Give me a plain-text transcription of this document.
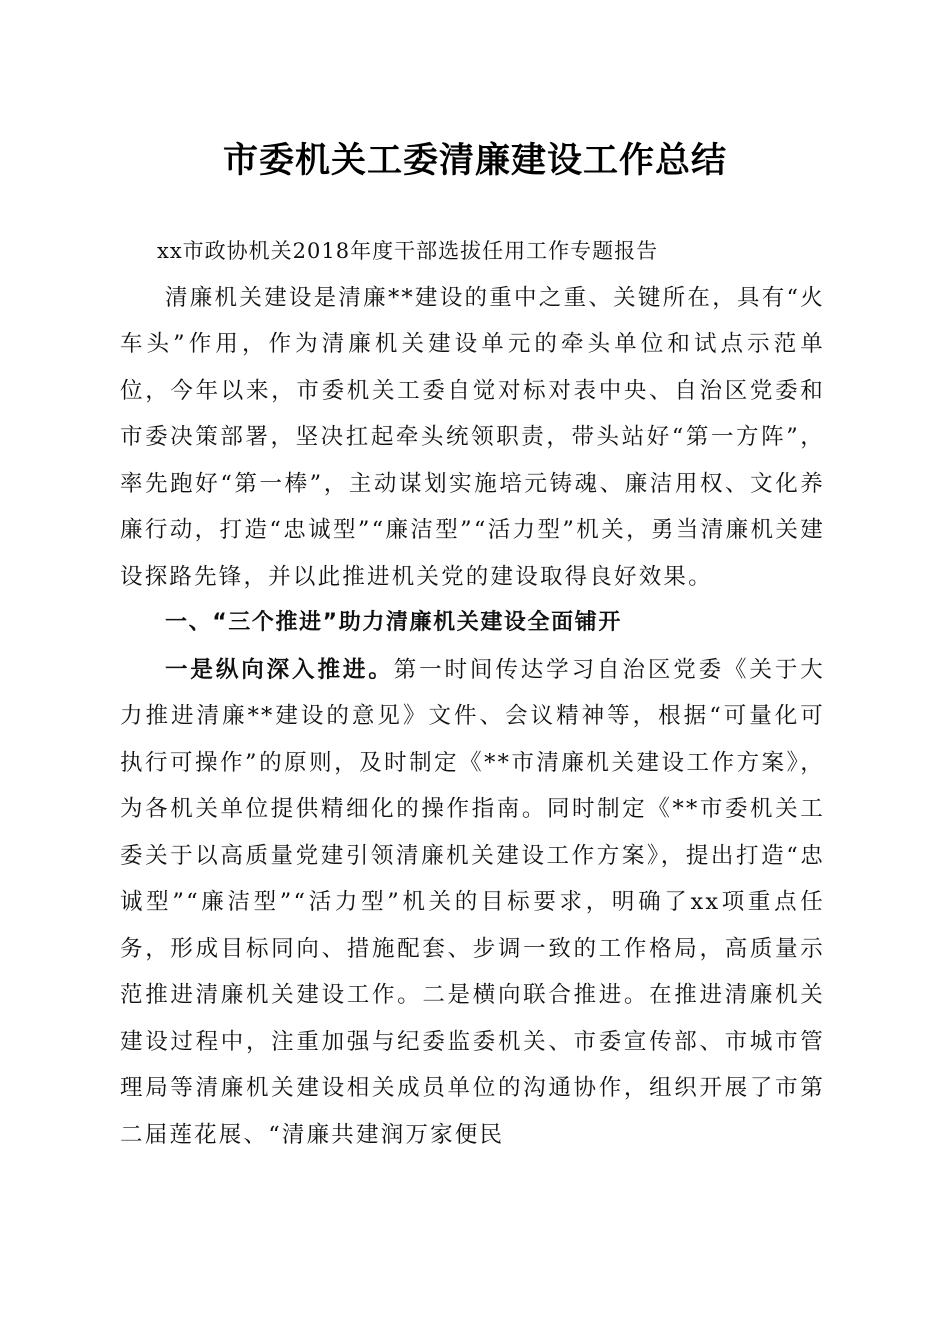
市委机关工委清廉建设工作总结

xx市政协机关2018年度干部选拔任用工作专题报告

清廉机关建设是清廉**建设的重中之重、关键所在，具有“火车头”作用，作为清廉机关建设单元的牵头单位和试点示范单位，今年以来，市委机关工委自觉对标对表中央、自治区党委和市委决策部署，坚决扛起牵头统领职责，带头站好“第一方阵”，率先跑好“第一棒”，主动谋划实施培元铸魂、廉洁用权、文化养廉行动，打造“忠诚型”“廉洁型”“活力型”机关，勇当清廉机关建设探路先锋，并以此推进机关党的建设取得良好效果。

一、“三个推进”助力清廉机关建设全面铺开

一是纵向深入推进。第一时间传达学习自治区党委《关于大力推进清廉**建设的意见》文件、会议精神等，根据“可量化可执行可操作”的原则，及时制定《**市清廉机关建设工作方案》，为各机关单位提供精细化的操作指南。同时制定《**市委机关工委关于以高质量党建引领清廉机关建设工作方案》，提出打造“忠诚型”“廉洁型”“活力型”机关的目标要求，明确了xx项重点任务，形成目标同向、措施配套、步调一致的工作格局，高质量示范推进清廉机关建设工作。二是横向联合推进。在推进清廉机关建设过程中，注重加强与纪委监委机关、市委宣传部、市城市管理局等清廉机关建设相关成员单位的沟通协作，组织开展了市第二届莲花展、“清廉共建润万家便民
